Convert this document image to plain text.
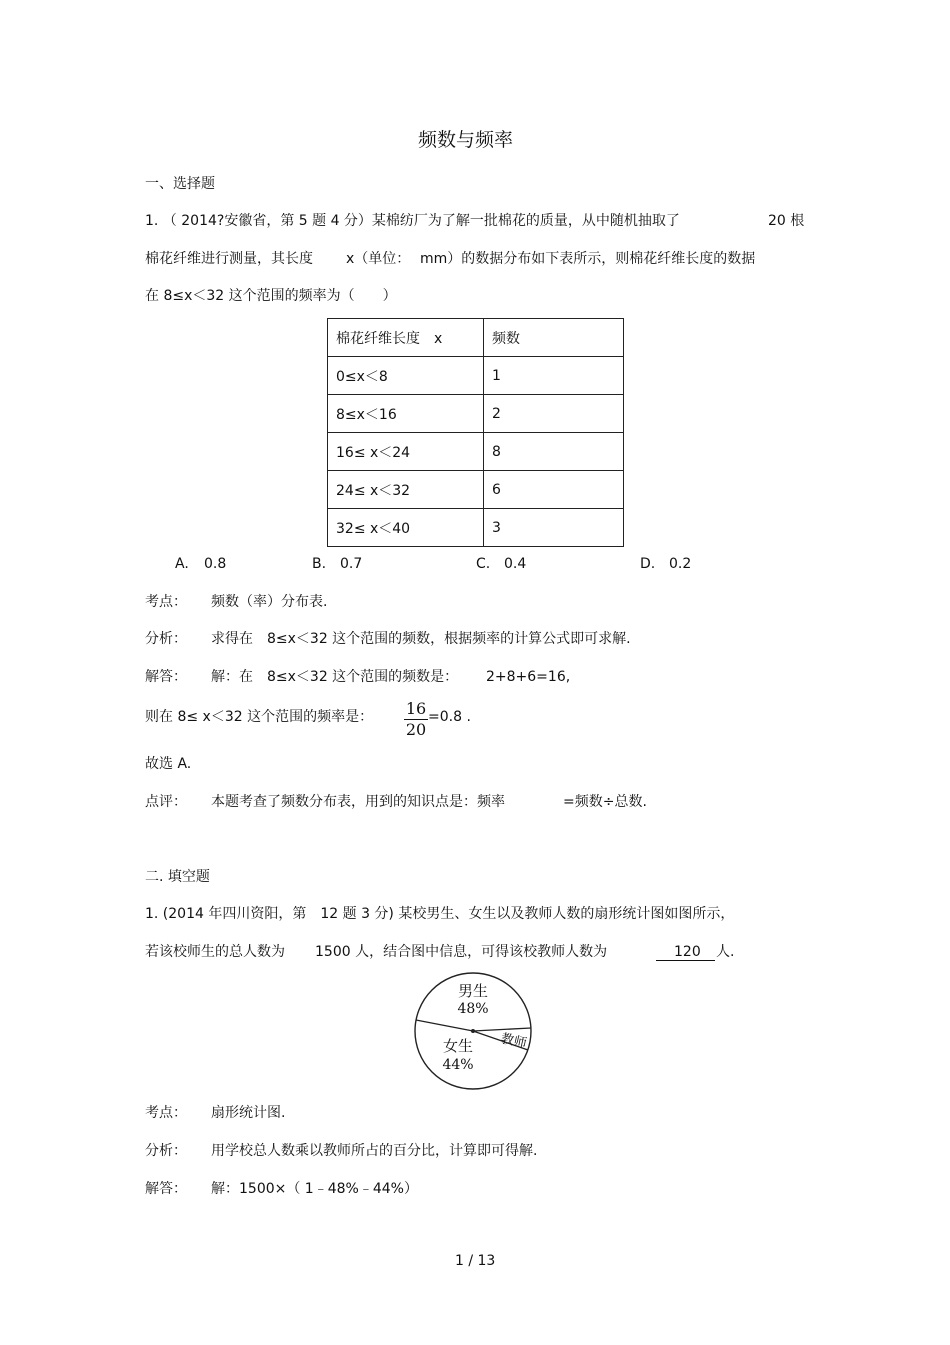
频数与频率
一、选择题
1. （ 2014?安徽省，第 5 题 4 分）某棉纺厂为了解一批棉花的质量，从中随机抽取了	20 根
棉花纤维进行测量，其长度 x（单位： mm）的数据分布如下表所示，则棉花纤维长度的数据
在 8≤x＜32 这个范围的频率为（　　）
棉花纤维长度　x	频数
0≤x＜8	1
8≤x＜16	2
16≤ x＜24	8
24≤ x＜32	6
32≤ x＜40	3
A. 0.8	B. 0.7	C. 0.4	D. 0.2
考点： 频数（率）分布表.
分析： 求得在　8≤x＜32 这个范围的频数，根据频率的计算公式即可求解.
解答： 解：在　8≤x＜32 这个范围的频数是： 2+8+6=16,
则在 8≤ x＜32 这个范围的频率是： 16
20
=0.8 .
故选 A.
点评： 本题考查了频数分布表，用到的知识点是：频率	=频数÷总数.
二. 填空题
1. (2014 年四川资阳，第　12 题 3 分) 某校男生、女生以及教师人数的扇形统计图如图所示，
若该校师生的总人数为 1500 人，结合图中信息，可得该校教师人数为	120	人.
男生
48%
女生
44%
教师
考点： 扇形统计图.
分析： 用学校总人数乘以教师所占的百分比，计算即可得解.
解答： 解：1500×（ 1﹣48%﹣44%）
1 / 13
